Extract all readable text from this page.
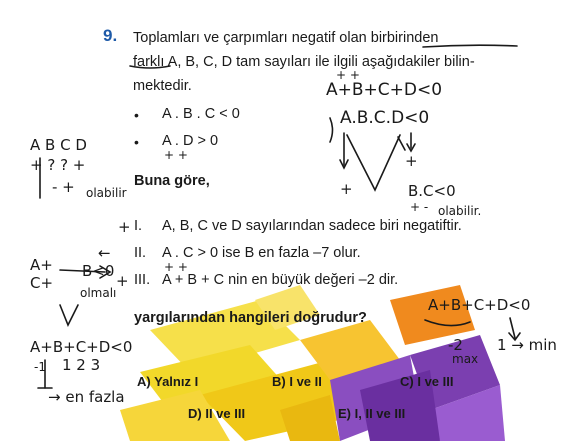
9. Toplamları ve çarpımları negatif olan birbirinden
farklı A, B, C, D tam sayıları ile ilgili aşağıdakiler bilin-
mektedir.
• A . B . C < 0
• A . D > 0
Buna göre,
I. A, B, C ve D sayılarından sadece biri negatiftir.
II. A . C > 0 ise B en fazla –7 olur.
III. A + B + C nin en büyük değeri –2 dir.
yargılarından hangileri doğrudur?
A) Yalnız I	B) I ve II	C) I ve III
D) II ve III	E) I, II ve III
+ +
A+B+C+D<0
A.B.C.D<0
+
+	B.C<0
+ - olabilir.
A B C D
+ ? ? +
- + olabilir
+ +
+
←
A+
C+
B<0
olmalı
+
+ +
A+B+C+D<0
1 2 3
-1
→ en fazla
A+B+C+D<0
-2
max
1 → min
